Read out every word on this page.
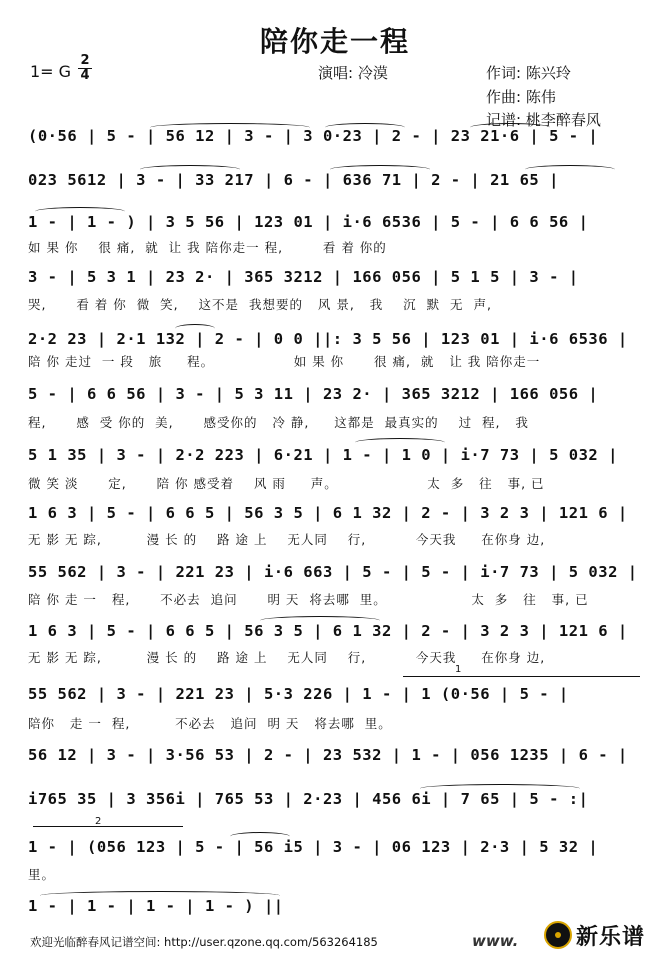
陪你走一程
1= G
2
4	演唱: 冷漠	作词: 陈兴玲
作曲: 陈伟
记谱: 桃李醉春风
(0·56 | 5 - | 56 12 | 3 - | 3 0·23 | 2 - | 23 21·6 | 5 - |
023 5612 | 3 - | 33 217 | 6 - | 636 71 | 2 - | 21 65 |
1 - | 1 - ) | 3 5 56 | 123 01 | i·6 6536 | 5 - | 6 6 56 |
如 果 你    很 痛,  就  让 我 陪你走一 程,        看 着 你的
3 - | 5 3 1 | 23 2· | 365 3212 | 166 056 | 5 1 5 | 3 - |
哭,      看 着 你  微  笑,    这不是  我想要的   风 景,   我    沉  默  无  声,
2·2 23 | 2·1 132 | 2 - | 0 0 ||: 3 5 56 | 123 01 | i·6 6536 |
陪 你 走过  一 段   旅     程。                如 果 你      很 痛,  就   让 我 陪你走一
5 - | 6 6 56 | 3 - | 5 3 11 | 23 2· | 365 3212 | 166 056 |
程,      感  受 你的  美,      感受你的   冷 静,     这都是  最真实的    过  程,   我
5 1 35 | 3 - | 2·2 223 | 6·21 | 1 - | 1 0 | i·7 73 | 5 032 |
微 笑 淡      定,      陪 你 感受着    风 雨     声。                  太  多   往   事, 已
1 6 3 | 5 - | 6 6 5 | 56 3 5 | 6 1 32 | 2 - | 3 2 3 | 121 6 |
无 影 无 踪,         漫 长 的    路 途 上    无人同    行,          今天我     在你身 边,
55 562 | 3 - | 221 23 | i·6 663 | 5 - | 5 - | i·7 73 | 5 032 |
陪 你 走 一   程,      不必去  追问      明 天  将去哪  里。                 太  多   往   事, 已
1 6 3 | 5 - | 6 6 5 | 56 3 5 | 6 1 32 | 2 - | 3 2 3 | 121 6 |
无 影 无 踪,         漫 长 的    路 途 上    无人同    行,          今天我     在你身 边,
1
55 562 | 3 - | 221 23 | 5·3 226 | 1 - | 1 (0·56 | 5 - |
陪你   走 一  程,         不必去   追问  明 天   将去哪  里。
56 12 | 3 - | 3·56 53 | 2 - | 23 532 | 1 - | 056 1235 | 6 - |
i765 35 | 3 356i | 765 53 | 2·23 | 456 6i | 7 65 | 5 - :|
2
1 - | (056 123 | 5 - | 56 i5 | 3 - | 06 123 | 2·3 | 5 32 |
里。
1 - | 1 - | 1 - | 1 - ) ||
欢迎光临醉春风记谱空间: http://user.qzone.qq.com/563264185	www.	新乐谱
